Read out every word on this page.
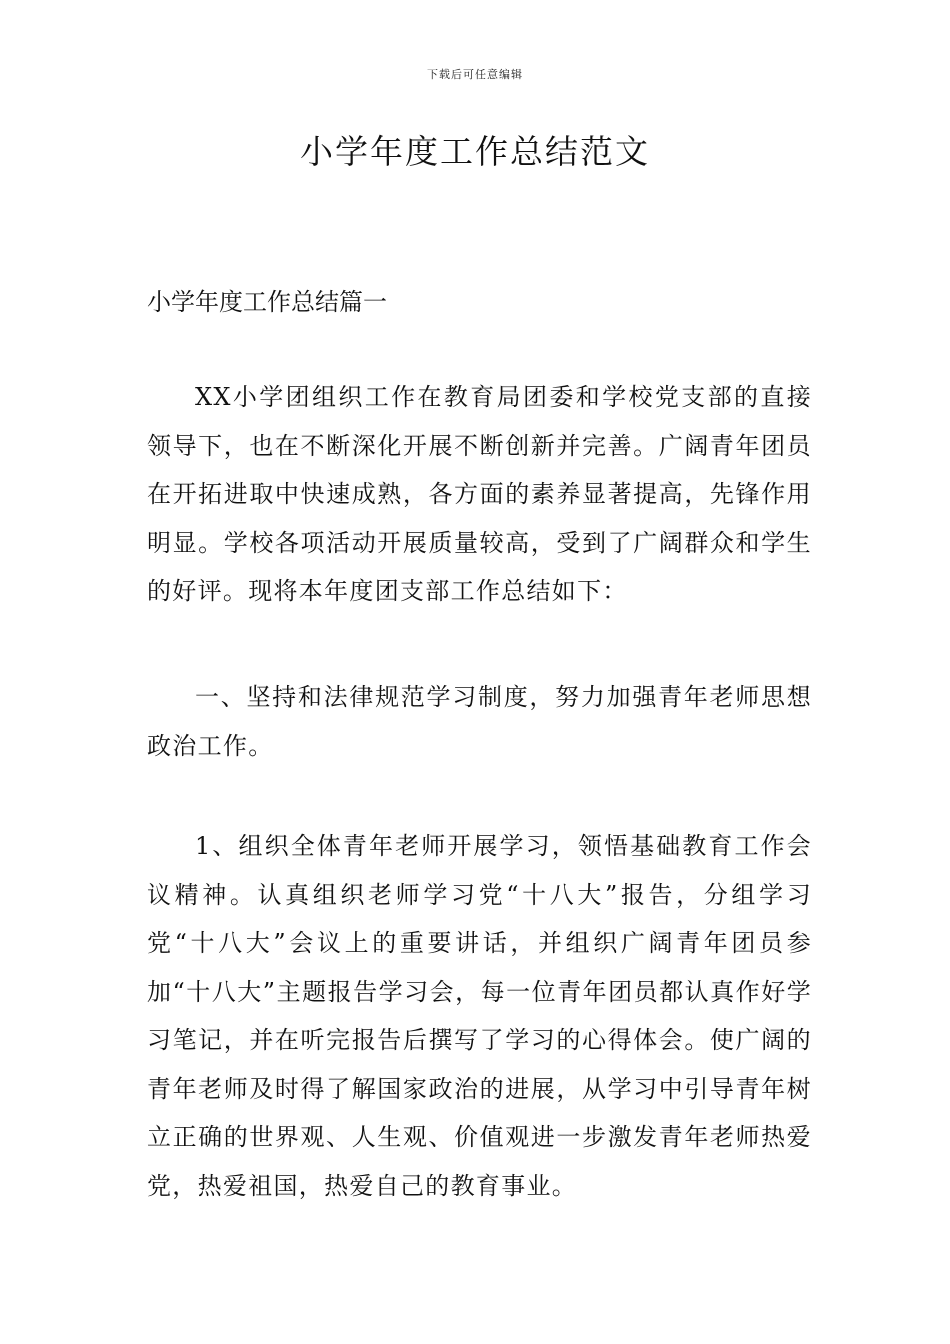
下载后可任意编辑
小学年度工作总结范文
小学年度工作总结篇一

XX小学团组织工作在教育局团委和学校党支部的直接领导下，也在不断深化开展不断创新并完善。广阔青年团员在开拓进取中快速成熟，各方面的素养显著提高，先锋作用明显。学校各项活动开展质量较高，受到了广阔群众和学生的好评。现将本年度团支部工作总结如下：

一、坚持和法律规范学习制度，努力加强青年老师思想政治工作。

1、组织全体青年老师开展学习，领悟基础教育工作会议精神。认真组织老师学习党“十八大”报告，分组学习党“十八大”会议上的重要讲话，并组织广阔青年团员参加“十八大”主题报告学习会，每一位青年团员都认真作好学习笔记，并在听完报告后撰写了学习的心得体会。使广阔的青年老师及时得了解国家政治的进展，从学习中引导青年树立正确的世界观、人生观、价值观进一步激发青年老师热爱党，热爱祖国，热爱自己的教育事业。
